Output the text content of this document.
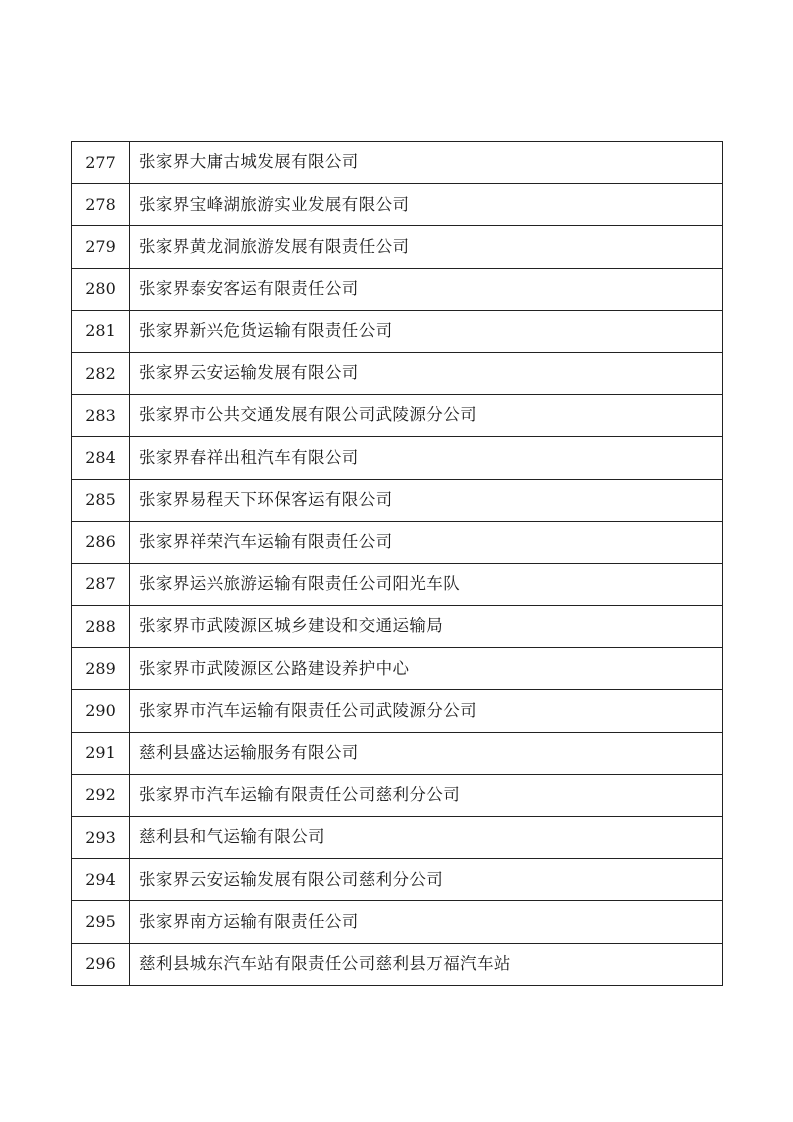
277	张家界大庸古城发展有限公司
278	张家界宝峰湖旅游实业发展有限公司
279	张家界黄龙洞旅游发展有限责任公司
280	张家界泰安客运有限责任公司
281	张家界新兴危货运输有限责任公司
282	张家界云安运输发展有限公司
283	张家界市公共交通发展有限公司武陵源分公司
284	张家界春祥出租汽车有限公司
285	张家界易程天下环保客运有限公司
286	张家界祥荣汽车运输有限责任公司
287	张家界运兴旅游运输有限责任公司阳光车队
288	张家界市武陵源区城乡建设和交通运输局
289	张家界市武陵源区公路建设养护中心
290	张家界市汽车运输有限责任公司武陵源分公司
291	慈利县盛达运输服务有限公司
292	张家界市汽车运输有限责任公司慈利分公司
293	慈利县和气运输有限公司
294	张家界云安运输发展有限公司慈利分公司
295	张家界南方运输有限责任公司
296	慈利县城东汽车站有限责任公司慈利县万福汽车站
